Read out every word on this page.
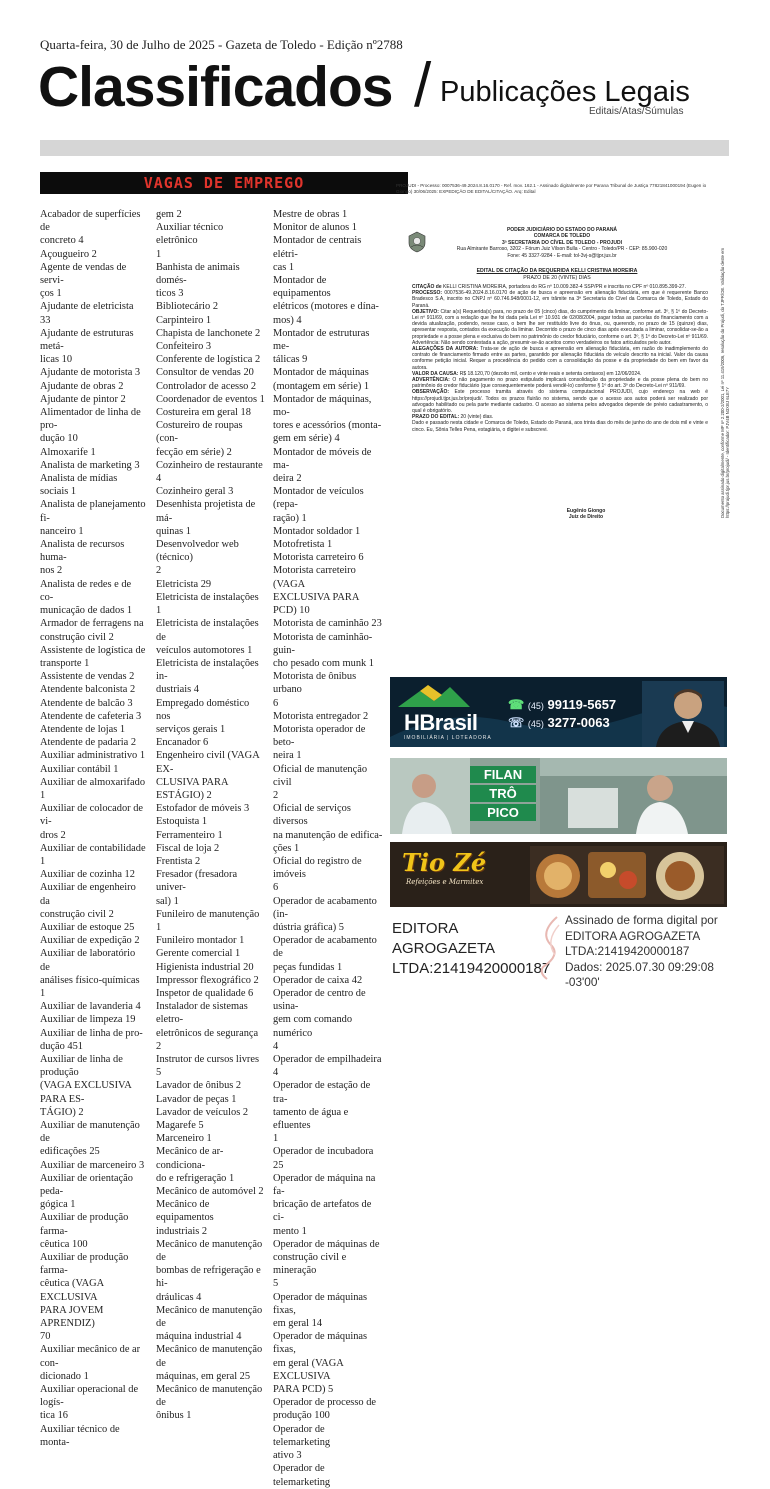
Quarta-feira, 30 de Julho de 2025 - Gazeta de Toledo - Edição nº2788
Classificados / Publicações Legais
Editais/Atas/Súmulas
VAGAS DE EMPREGO
Acabador de superfícies de
concreto 4
Açougueiro 2
Agente de vendas de servi-
ços 1
Ajudante de eletricista 33
Ajudante de estruturas metá-
licas 10
Ajudante de motorista 3
Ajudante de obras 2
Ajudante de pintor 2
Alimentador de linha de pro-
dução 10
Almoxarife 1
Analista de marketing 3
Analista de mídias sociais 1
Analista de planejamento fi-
nanceiro 1
Analista de recursos huma-
nos 2
Analista de redes e de co-
municação de dados 1
Armador de ferragens na
construção civil 2
Assistente de logística de
transporte 1
Assistente de vendas 2
Atendente balconista 2
Atendente de balcão 3
Atendente de cafeteria 3
Atendente de lojas 1
Atendente de padaria 2
Auxiliar administrativo 1
Auxiliar contábil 1
Auxiliar de almoxarifado 1
Auxiliar de colocador de vi-
dros 2
Auxiliar de contabilidade 1
Auxiliar de cozinha 12
Auxiliar de engenheiro da
construção civil 2
Auxiliar de estoque 25
Auxiliar de expedição 2
Auxiliar de laboratório de
análises físico-químicas 1
Auxiliar de lavanderia 4
Auxiliar de limpeza 19
Auxiliar de linha de pro-
dução 451
Auxiliar de linha de produção
(VAGA EXCLUSIVA PARA ES-
TÁGIO) 2
Auxiliar de manutenção de
edificações 25
Auxiliar de marceneiro 3
Auxiliar de orientação peda-
gógica 1
Auxiliar de produção farma-
cêutica 100
Auxiliar de produção farma-
cêutica (VAGA EXCLUSIVA
PARA JOVEM APRENDIZ)
70
Auxiliar mecânico de ar con-
dicionado 1
Auxiliar operacional de logís-
tica 16
Auxiliar técnico de monta-
gem 2
Auxiliar técnico eletrônico
1
Banhista de animais domés-
ticos 3
Bibliotecário 2
Carpinteiro 1
Chapista de lanchonete 2
Confeiteiro 3
Conferente de logística 2
Consultor de vendas 20
Controlador de acesso 2
Coordenador de eventos 1
Costureira em geral 18
Costureiro de roupas (con-
fecção em série) 2
Cozinheiro de restaurante 4
Cozinheiro geral 3
Desenhista projetista de má-
quinas 1
Desenvolvedor web (técnico)
2
Eletricista 29
Eletricista de instalações 1
Eletricista de instalações de
veículos automotores 1
Eletricista de instalações in-
dustriais 4
Empregado doméstico nos
serviços gerais 1
Encanador 6
Engenheiro civil (VAGA EX-
CLUSIVA PARA ESTÁGIO) 2
Estofador de móveis 3
Estoquista 1
Ferramenteiro 1
Fiscal de loja 2
Frentista 2
Fresador (fresadora univer-
sal) 1
Funileiro de manutenção 1
Funileiro montador 1
Gerente comercial 1
Higienista industrial 20
Impressor flexográfico 2
Inspetor de qualidade 6
Instalador de sistemas eletro-
eletrônicos de segurança 2
Instrutor de cursos livres 5
Lavador de ônibus 2
Lavador de peças 1
Lavador de veículos 2
Magarefe 5
Marceneiro 1
Mecânico de ar-condiciona-
do e refrigeração 1
Mecânico de automóvel 2
Mecânico de equipamentos
industriais 2
Mecânico de manutenção de
bombas de refrigeração e hi-
dráulicas 4
Mecânico de manutenção de
máquina industrial 4
Mecânico de manutenção de
máquinas, em geral 25
Mecânico de manutenção de
ônibus 1
Mestre de obras 1
Monitor de alunos 1
Montador de centrais elétri-
cas 1
Montador de equipamentos
elétricos (motores e dína-
mos) 4
Montador de estruturas me-
tálicas 9
Montador de máquinas
(montagem em série) 1
Montador de máquinas, mo-
tores e acessórios (monta-
gem em série) 4
Montador de móveis de ma-
deira 2
Montador de veículos (repa-
ração) 1
Montador soldador 1
Motofretista 1
Motorista carreteiro 6
Motorista carreteiro (VAGA
EXCLUSIVA PARA PCD) 10
Motorista de caminhão 23
Motorista de caminhão-guin-
cho pesado com munk 1
Motorista de ônibus urbano
6
Motorista entregador 2
Motorista operador de beto-
neira 1
Oficial de manutenção civil
2
Oficial de serviços diversos
na manutenção de edifica-
ções 1
Oficial do registro de imóveis
6
Operador de acabamento (in-
dústria gráfica) 5
Operador de acabamento de
peças fundidas 1
Operador de caixa 42
Operador de centro de usina-
gem com comando numérico
4
Operador de empilhadeira
4
Operador de estação de tra-
tamento de água e efluentes
1
Operador de incubadora 25
Operador de máquina na fa-
bricação de artefatos de ci-
mento 1
Operador de máquinas de
construção civil e mineração
5
Operador de máquinas fixas,
em geral 14
Operador de máquinas fixas,
em geral (VAGA EXCLUSIVA
PARA PCD) 5
Operador de processo de
produção 100
Operador de telemarketing
ativo 3
Operador de telemarketing
PROJUDI - Processo: 0007536-49.2024.8.16.0170 - Ref. mov. 162.1 - Assinado digitalmente por Parana Tribunal de Justiça 77821841000194 (Eugen io Giongo) 30/06/2025: EXPEDIÇÃO DE EDITAL/CITAÇÃO. Arq: Edital
PODER JUDICIÁRIO DO ESTADO DO PARANÁ
COMARCA DE TOLEDO
3ª SECRETARIA DO CÍVEL DE TOLEDO - PROJUDI
Rua Almirante Barroso, 3202 - Fórum Juiz Vilson Bulla - Centro - Toledo/PR - CEP: 85.900-020
Fone: 45 3327-9284 - E-mail: tol-3vj-s@tjpr.jus.br
EDITAL DE CITAÇÃO DA REQUERIDA KELLI CRISTINA MOREIRA
PRAZO DE 20 (VINTE) DIAS

CITAÇÃO de KELLI CRISTINA MOREIRA, portadora do RG nº 10.009.382-4 SSP/PR e inscrita no CPF nº 010.895.399-27.

PROCESSO: 0007536-49.2024.8.16.0170 de ação de busca e apreensão em alienação fiduciária, em que é requerente Banco Bradesco S.A, inscrito no CNPJ nº 60.746.948/0001-12, em trâmite na 3ª Secretaria do Cível da Comarca de Toledo, Estado do Paraná.

OBJETIVO: Citar a(s) Requerida(s) para, no prazo de 05 (cinco) dias, do cumprimento da liminar, conforme art. 3º, § 1º do Decreto-Lei nº 911/69, com a redação que lhe foi dada pela Lei nº 10.931 de 02/08/2004, pagar todas as parcelas do financiamento com a devida atualização, podendo, nesse caso, o bem lhe ser restituído livre do ônus, ou, querendo, no prazo de 15 (quinze) dias, apresentar resposta, contados da execução da liminar. Decorrido o prazo de cinco dias após executada a liminar, consolidar-se-ão a propriedade e a posse plena e exclusiva do bem no patrimônio do credor fiduciário, conforme o art. 3º, § 1º do Decreto-Lei nº 911/69. Advertência: Não sendo contestada a ação, presumir-se-ão aceitos como verdadeiros os fatos articulados pelo autor.

ALEGAÇÕES DA AUTORA: Trata-se de ação de busca e apreensão em alienação fiduciária, em razão do inadimplemento do contrato de financiamento firmado entre as partes, garantido por alienação fiduciária do veículo descrito na inicial. Valor da causa conforme petição inicial. Requer a procedência do pedido com a consolidação da posse e da propriedade do bem em favor da autora.

VALOR DA CAUSA: R$ 18.120,70 (dezoito mil, cento e vinte reais e setenta centavos) em 12/06/2024.

ADVERTÊNCIA: O não pagamento no prazo estipulado implicará consolidação da propriedade e da posse plena do bem no patrimônio do credor fiduciário (que consequentemente poderá vendê-lo) conforme § 1º do art. 3º do Decreto-Lei nº 911/69.

OBSERVAÇÃO: Este processo tramita através do sistema computacional PROJUDI, cujo endereço na web é https://projudi.tjpr.jus.br/projudi/. Todos os prazos fluirão no sistema, sendo que o acesso aos autos poderá ser realizado por advogado habilitado ou pela parte mediante cadastro. O acesso ao sistema pelos advogados depende de prévio cadastramento, o qual é obrigatório.

PRAZO DO EDITAL: 20 (vinte) dias.

Dado e passado nesta cidade e Comarca de Toledo, Estado do Paraná, aos trinta dias do mês de junho do ano de dois mil e vinte e cinco. Eu, Sônia Telles Pena, estagiária, o digitei e subscrevi.

Eugênio Giongo
Juiz de Direito	Documento assinado digitalmente, conforme MP nº 2.200-2/2001, Lei nº 11.419/2006, resolução do Projudi, do TJPR/OE. Validação deste em https://projudi.tjpr.jus.br/projudi/ - Identificador: PJV4B N3XBJ 6LE7Y
HBrasil
IMOBILIÁRIA | LOTEADORA
☎ (45) 99119-5657
☏ (45) 3277-0063
FILAN
TRÔ
PICO
Tio Zé
Refeições e Marmitex
EDITORA
AGROGAZETA
LTDA:21419420000187
Assinado de forma digital por
EDITORA AGROGAZETA
LTDA:21419420000187
Dados: 2025.07.30 09:29:08
-03'00'
